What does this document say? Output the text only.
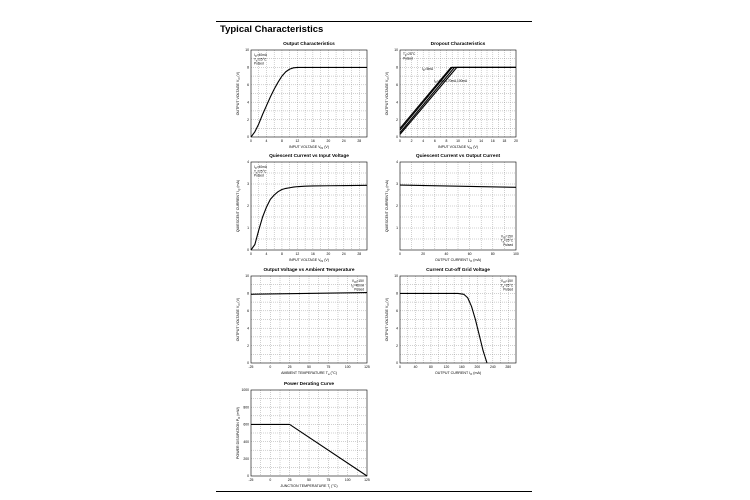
Typical Characteristics
Output Characteristics
0	4	8	12	16	20	24	28
0
2
4
6
8
10
INPUT VOLTAGE $V_{IN}$ (V)
OUTPUT VOLTAGE $V_O$ (V)
$I_O=40mA$
$T_a=25^\circ C$
Pulsed
Dropout Characteristics
0	2	4	6	8	10 12 14 16 18 20
0
2
4
6
8
10
INPUT VOLTAGE $V_{IN}$ (V)
OUTPUT VOLTAGE $V_O$ (V)
$T_a=25^\circ C$
Pulsed
$I_O=5mA$
$I_O=40mA,70mA,100mA$
Quiescent Current vs Input Voltage
0	4	8	12	16	20	24	28
0
1
2
3
4
INPUT VOLTAGE $V_{IN}$ (V)
QUIESCENT CURRENT $I_Q$ (mA)
$I_O=40mA$
$T_a=25^\circ C$
Pulsed
Quiescent Current vs Output Current
0	20	40	60	80	100
1
2
3
4
OUTPUT CURRENT $I_O$ (mA)
QUIESCENT CURRENT $I_Q$ (mA)
$V_{IN}=15V$
$T_a=25^\circ C$
Pulsed
Output Voltage vs Ambient Temperature
-25	0	25	50	75	100	125
0
2
4
6
8
10
AMBIENT TEMPERATURE $T_a$ (°C)
OUTPUT VOLTAGE $V_O$ (V)
$V_{IN}=15V$
$I_O=40mA$
Pulsed
Current Cut-off Grid Voltage
0	40	80	120	160	200	240	280
0
2
4
6
8
10
OUTPUT CURRENT $I_O$ (mA)
OUTPUT VOLTAGE $V_O$ (V)
$V_{IN}=15V$
$T_a=25^\circ C$
Pulsed
Power Derating Curve
-25	0	25	50	75	100	125
0
200
400
600
800
1000
JUNCTION TEMPERATURE $T_j$ (°C)
POWER DISSIPATION $P_D$ (mW)
